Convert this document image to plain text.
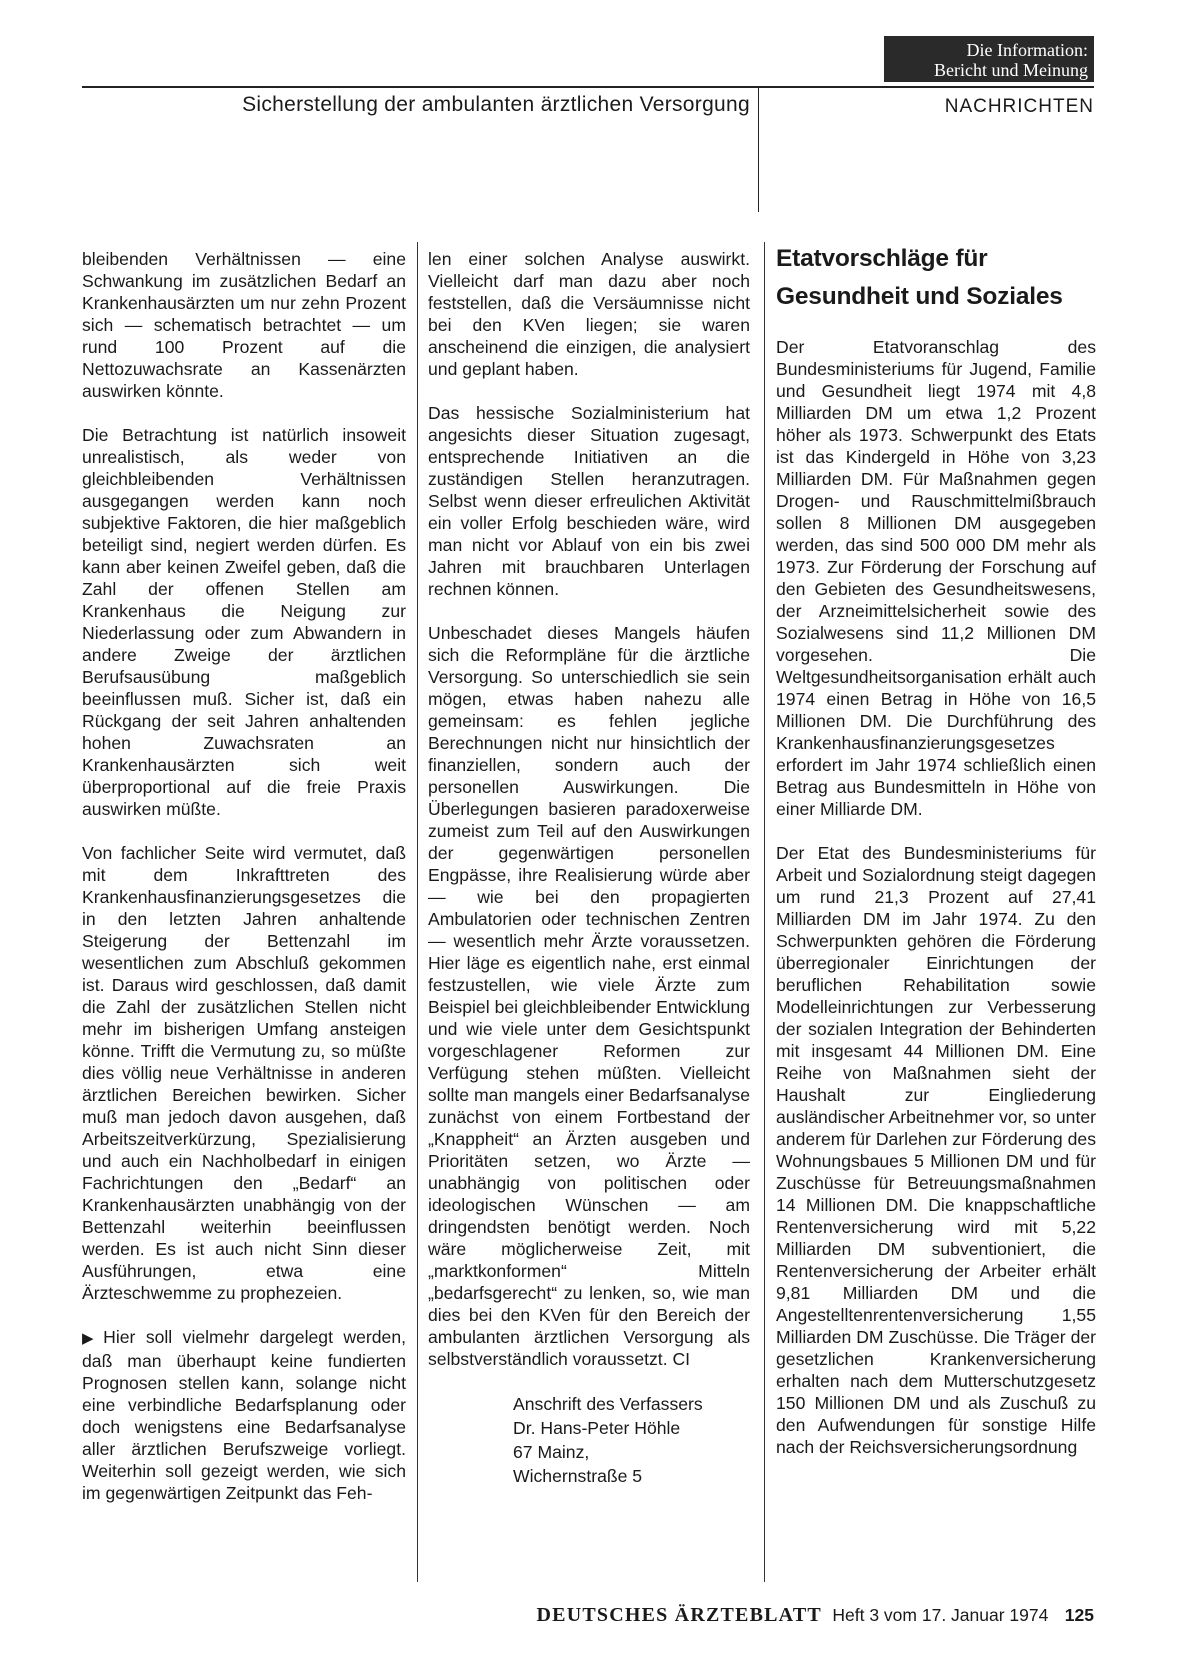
Die Information:
Bericht und Meinung
Sicherstellung der ambulanten ärztlichen Versorgung	NACHRICHTEN

bleibenden Verhältnissen — eine Schwankung im zusätzlichen Bedarf an Krankenhausärzten um nur zehn Prozent sich — schematisch betrachtet — um rund 100 Prozent auf die Nettozuwachsrate an Kassenärzten auswirken könnte.

Die Betrachtung ist natürlich insoweit unrealistisch, als weder von gleichbleibenden Verhältnissen ausgegangen werden kann noch subjektive Faktoren, die hier maßgeblich beteiligt sind, negiert werden dürfen. Es kann aber keinen Zweifel geben, daß die Zahl der offenen Stellen am Krankenhaus die Neigung zur Niederlassung oder zum Abwandern in andere Zweige der ärztlichen Berufsausübung maßgeblich beeinflussen muß. Sicher ist, daß ein Rückgang der seit Jahren anhaltenden hohen Zuwachsraten an Krankenhausärzten sich weit überproportional auf die freie Praxis auswirken müßte.

Von fachlicher Seite wird vermutet, daß mit dem Inkrafttreten des Krankenhausfinanzierungsgesetzes die in den letzten Jahren anhaltende Steigerung der Bettenzahl im wesentlichen zum Abschluß gekommen ist. Daraus wird geschlossen, daß damit die Zahl der zusätzlichen Stellen nicht mehr im bisherigen Umfang ansteigen könne. Trifft die Vermutung zu, so müßte dies völlig neue Verhältnisse in anderen ärztlichen Bereichen bewirken. Sicher muß man jedoch davon ausgehen, daß Arbeitszeitverkürzung, Spezialisierung und auch ein Nachholbedarf in einigen Fachrichtungen den „Bedarf“ an Krankenhausärzten unabhängig von der Bettenzahl weiterhin beeinflussen werden. Es ist auch nicht Sinn dieser Ausführungen, etwa eine Ärzteschwemme zu prophezeien.

▶ Hier soll vielmehr dargelegt werden, daß man überhaupt keine fundierten Prognosen stellen kann, solange nicht eine verbindliche Bedarfsplanung oder doch wenigstens eine Bedarfsanalyse aller ärztlichen Berufszweige vorliegt. Weiterhin soll gezeigt werden, wie sich im gegenwärtigen Zeitpunkt das Feh-

len einer solchen Analyse auswirkt. Vielleicht darf man dazu aber noch feststellen, daß die Versäumnisse nicht bei den KVen liegen; sie waren anscheinend die einzigen, die analysiert und geplant haben.

Das hessische Sozialministerium hat angesichts dieser Situation zugesagt, entsprechende Initiativen an die zuständigen Stellen heranzutragen. Selbst wenn dieser erfreulichen Aktivität ein voller Erfolg beschieden wäre, wird man nicht vor Ablauf von ein bis zwei Jahren mit brauchbaren Unterlagen rechnen können.

Unbeschadet dieses Mangels häufen sich die Reformpläne für die ärztliche Versorgung. So unterschiedlich sie sein mögen, etwas haben nahezu alle gemeinsam: es fehlen jegliche Berechnungen nicht nur hinsichtlich der finanziellen, sondern auch der personellen Auswirkungen. Die Überlegungen basieren paradoxerweise zumeist zum Teil auf den Auswirkungen der gegenwärtigen personellen Engpässe, ihre Realisierung würde aber — wie bei den propagierten Ambulatorien oder technischen Zentren — wesentlich mehr Ärzte voraussetzen. Hier läge es eigentlich nahe, erst einmal festzustellen, wie viele Ärzte zum Beispiel bei gleichbleibender Entwicklung und wie viele unter dem Gesichtspunkt vorgeschlagener Reformen zur Verfügung stehen müßten. Vielleicht sollte man mangels einer Bedarfsanalyse zunächst von einem Fortbestand der „Knappheit“ an Ärzten ausgeben und Prioritäten setzen, wo Ärzte — unabhängig von politischen oder ideologischen Wünschen — am dringendsten benötigt werden. Noch wäre möglicherweise Zeit, mit „marktkonformen“ Mitteln „bedarfsgerecht“ zu lenken, so, wie man dies bei den KVen für den Bereich der ambulanten ärztlichen Versorgung als selbstverständlich voraussetzt. CI

Anschrift des Verfassers
Dr. Hans-Peter Höhle
67 Mainz,
Wichernstraße 5
Etatvorschläge für
Gesundheit und Soziales

Der Etatvoranschlag des Bundesministeriums für Jugend, Familie und Gesundheit liegt 1974 mit 4,8 Milliarden DM um etwa 1,2 Prozent höher als 1973. Schwerpunkt des Etats ist das Kindergeld in Höhe von 3,23 Milliarden DM. Für Maßnahmen gegen Drogen- und Rauschmittelmißbrauch sollen 8 Millionen DM ausgegeben werden, das sind 500 000 DM mehr als 1973. Zur Förderung der Forschung auf den Gebieten des Gesundheitswesens, der Arzneimittelsicherheit sowie des Sozialwesens sind 11,2 Millionen DM vorgesehen. Die Weltgesundheitsorganisation erhält auch 1974 einen Betrag in Höhe von 16,5 Millionen DM. Die Durchführung des Krankenhausfinanzierungsgesetzes erfordert im Jahr 1974 schließlich einen Betrag aus Bundesmitteln in Höhe von einer Milliarde DM.

Der Etat des Bundesministeriums für Arbeit und Sozialordnung steigt dagegen um rund 21,3 Prozent auf 27,41 Milliarden DM im Jahr 1974. Zu den Schwerpunkten gehören die Förderung überregionaler Einrichtungen der beruflichen Rehabilitation sowie Modelleinrichtungen zur Verbesserung der sozialen Integration der Behinderten mit insgesamt 44 Millionen DM. Eine Reihe von Maßnahmen sieht der Haushalt zur Eingliederung ausländischer Arbeitnehmer vor, so unter anderem für Darlehen zur Förderung des Wohnungsbaues 5 Millionen DM und für Zuschüsse für Betreuungsmaßnahmen 14 Millionen DM. Die knappschaftliche Rentenversicherung wird mit 5,22 Milliarden DM subventioniert, die Rentenversicherung der Arbeiter erhält 9,81 Milliarden DM und die Angestelltenrentenversicherung 1,55 Milliarden DM Zuschüsse. Die Träger der gesetzlichen Krankenversicherung erhalten nach dem Mutterschutzgesetz 150 Millionen DM und als Zuschuß zu den Aufwendungen für sonstige Hilfe nach der Reichsversicherungsordnung

DEUTSCHES ÄRZTEBLATT Heft 3 vom 17. Januar 1974 125
